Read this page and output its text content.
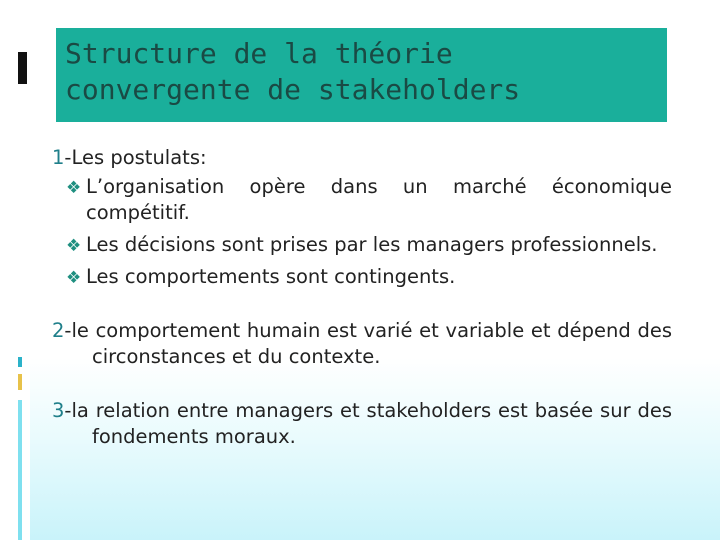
Structure de la théorie
convergente de stakeholders

1-Les postulats:

❖ L’organisation opère dans un marché économique compétitif.

❖ Les décisions sont prises par les managers professionnels.

❖ Les comportements sont contingents.

2-le comportement humain est varié et variable et dépend des circonstances et du contexte.

3-la relation entre managers et stakeholders est basée sur des fondements moraux.
